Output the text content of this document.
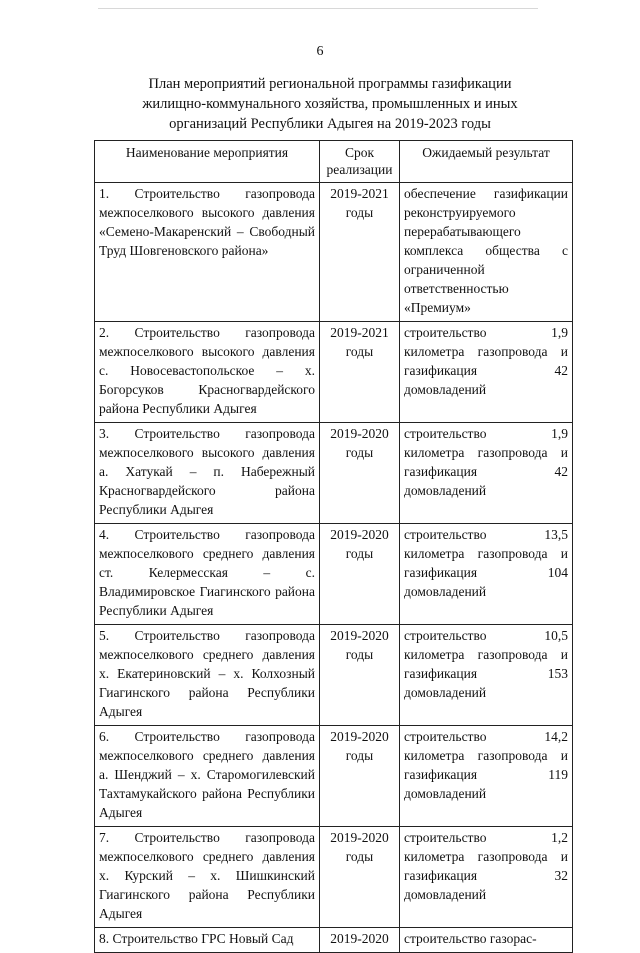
6
План мероприятий региональной программы газификации
жилищно-коммунального хозяйства, промышленных и иных
организаций Республики Адыгея на 2019-2023 годы
Наименование мероприятия	Срок реализации	Ожидаемый результат
1. Строительство газопровода межпоселкового высокого давления «Семено-Макаренский – Свободный Труд Шовгеновского района»	2019-2021 годы	обеспечение газификации реконструируемого перерабатывающего комплекса общества с ограниченной ответственностью «Премиум»
2. Строительство газопровода межпоселкового высокого давления с. Новосевастопольское – х. Богорсуков Красногвардейского района Республики Адыгея	2019-2021 годы	строительство 1,9 километра газопровода и газификация 42 домовладений
3. Строительство газопровода межпоселкового высокого давления а. Хатукай – п. Набережный Красногвардейского района Республики Адыгея	2019-2020 годы	строительство 1,9 километра газопровода и газификация 42 домовладений
4. Строительство газопровода межпоселкового среднего давления ст. Келермесская – с. Владимировское Гиагинского района Республики Адыгея	2019-2020 годы	строительство 13,5 километра газопровода и газификация 104 домовладений
5. Строительство газопровода межпоселкового среднего давления х. Екатериновский – х. Колхозный Гиагинского района Республики Адыгея	2019-2020 годы	строительство 10,5 километра газопровода и газификация 153 домовладений
6. Строительство газопровода межпоселкового среднего давления а. Шенджий – х. Старомогилевский Тахтамукайского района Республики Адыгея	2019-2020 годы	строительство 14,2 километра газопровода и газификация 119 домовладений
7. Строительство газопровода межпоселкового среднего давления х. Курский – х. Шишкинский Гиагинского района Республики Адыгея	2019-2020 годы	строительство 1,2 километра газопровода и газификация 32 домовладений
8. Строительство ГРС Новый Сад	2019-2020	строительство газорас-
